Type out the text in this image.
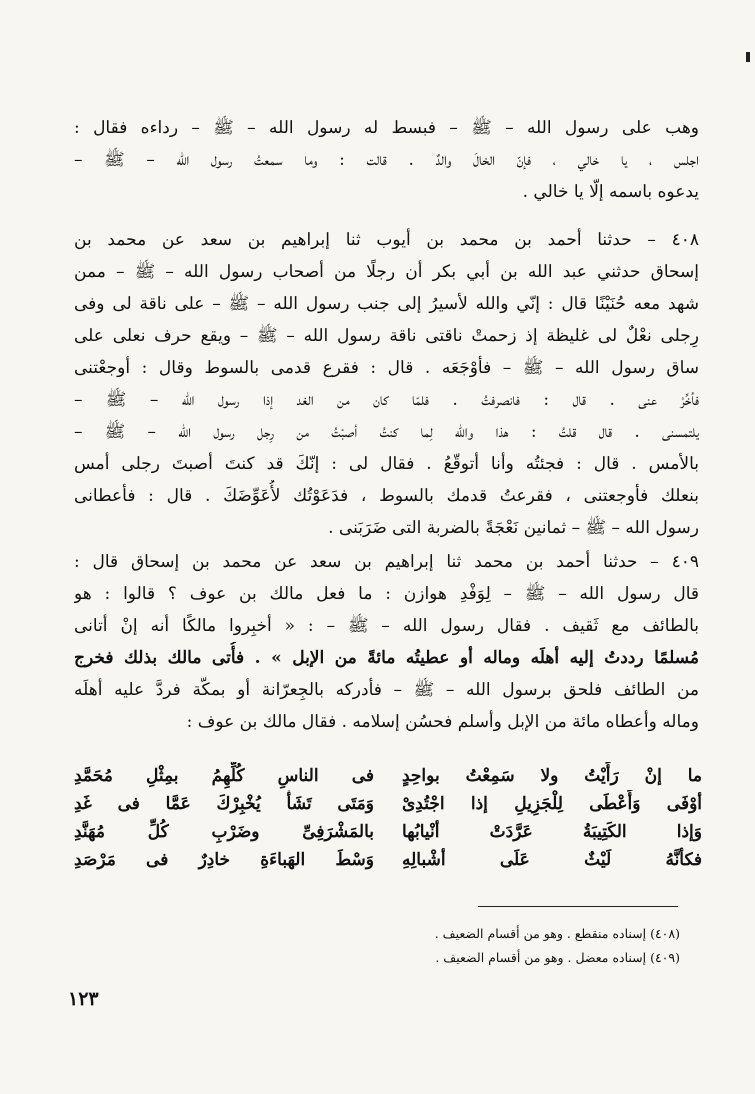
وهب على رسول الله – ﷺ – فبسط له رسول الله – ﷺ – رداءه فقال :
اجلس ، يا خالي ، فإنّ الخالَ والدٌ . قالت : وما سمعتُ رسول الله – ﷺ –
يدعوه باسمه إلّا يا خالي .
٤٠٨ – حدثنا أحمد بن محمد بن أيوب ثنا إبراهيم بن سعد عن محمد بن
إسحاق حدثني عبد الله بن أبي بكر أن رجلًا من أصحاب رسول الله – ﷺ – ممن
شهد معه حُنَيْنًا قال : إنّي والله لأسيرُ إلى جنب رسول الله – ﷺ – على ناقة لى وفى
رِجلى نعْلٌ لى غليظة إذ زحمتْ ناقتى ناقة رسول الله – ﷺ – ويقع حرف نعلى على
ساق رسول الله – ﷺ – فأوْجَعَه . قال : فقرع قدمى بالسوط وقال : أوجعْتنى
فأخِّرْ عنى . قال : فانصرفتُ . فلمّا كان من الغد إذا رسول الله – ﷺ –
يلتمسنى . قال قلتُ : هذا والله لِما كنتُ أصبْتُ من رِجل رسول الله – ﷺ –
بالأمس . قال : فجئتُه وأنا أتوقّعُ . فقال لى : إنّكَ قد كنتَ أصبتَ رجلى أمس
بنعلك فأوجعتنى ، فقرعتُ قدمك بالسوط ، فدَعَوْتُك لأُعَوِّضَكَ . قال : فأعطانى
رسول الله – ﷺ – ثمانين نَعْجَةً بالضربة التى ضَرَبَنى .
٤٠٩ – حدثنا أحمد بن محمد ثنا إبراهيم بن سعد عن محمد بن إسحاق قال :
قال رسول الله – ﷺ – لِوَفْدِ هوازن : ما فعل مالك بن عوف ؟ قالوا : هو
بالطائف مع ثَقيف . فقال رسول الله – ﷺ – : « أخبِروا مالكًا أنه إنْ أتانى
مُسلمًا رددتُ إليه أهلَه وماله أو عطيتُه مائةً من الإبل » . فأُتى مالك بذلك فخرج
من الطائف فلحق برسول الله – ﷺ – فأدركه بالجِعرّانة أو بمكّة فردَّ عليه أهلَه
وماله وأعطاه مائة من الإبل وأسلم فحسُن إسلامه . فقال مالك بن عوف :
ما إنْ رَأَيْتُ ولا سَمِعْتُ بواحِدٍ
فى الناسِ كُلِّهِمُ بمِثْلِ مُحَمَّدِ
أوْفَى وَأَعْطَى لِلْجَزِيلِ إذا اجْتُدِىْ
وَمَتَى تَشَأْ يُخْبِرْكَ عَمَّا فى غَدِ
وَإذا الكَتِيبَةُ عَرَّدَتْ أنْيابُها
بالمَشْرَفِىِّ وضَرْبِ كُلِّ مُهَنَّدِ
فكأنَّهُ لَيْثٌ عَلَى أشْبالِهِ
وَسْطَ الهَباءَةِ خادِرٌ فى مَرْصَدِ
(٤٠٨) إسناده منقطع . وهو من أقسام الضعيف .
(٤٠٩) إسناده معضل . وهو من أقسام الضعيف .
١٢٣
